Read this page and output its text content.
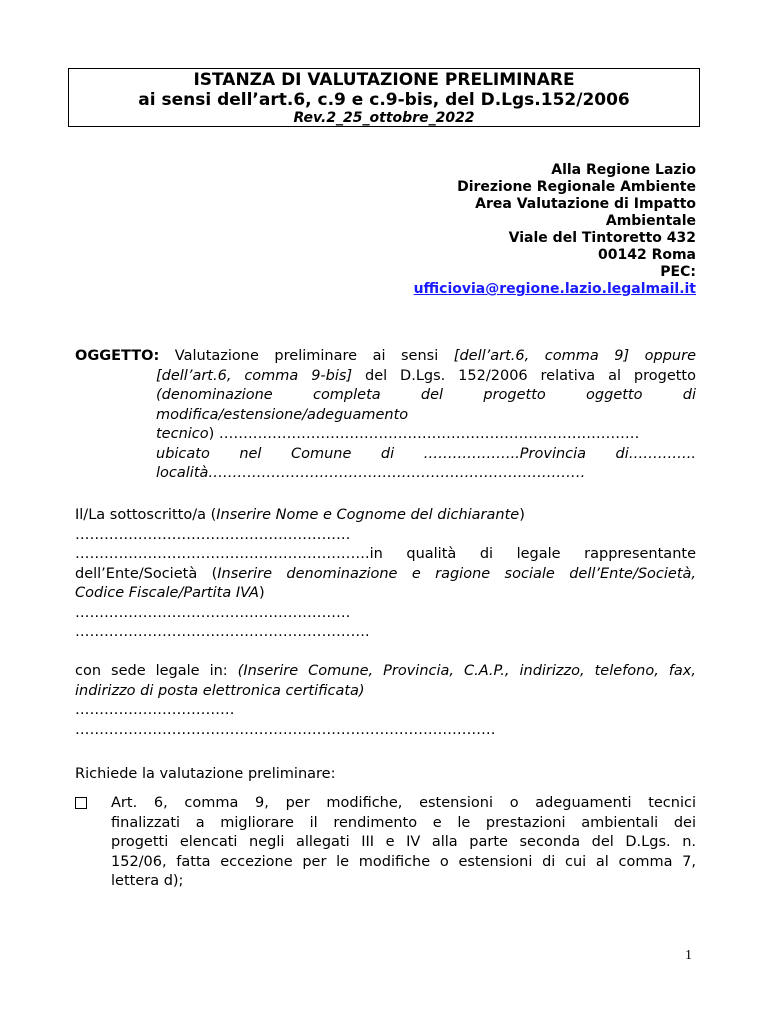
ISTANZA DI VALUTAZIONE PRELIMINARE
ai sensi dell’art.6, c.9 e c.9-bis, del D.Lgs.152/2006
Rev.2_25_ottobre_2022
Alla Regione Lazio
Direzione Regionale Ambiente
Area Valutazione di Impatto
Ambientale
Viale del Tintoretto 432
00142 Roma
PEC:
ufficiovia@regione.lazio.legalmail.it
OGGETTO: Valutazione preliminare ai sensi [dell’art.6, comma 9] oppure
[dell’art.6, comma 9-bis] del D.Lgs. 152/2006 relativa al progetto
(denominazione completa del progetto oggetto di
modifica/estensione/adeguamento
tecnico) ……………………………………………………………………………
ubicato nel Comune di ………………..Provincia di…………..
località……………………………………………………………………
Il/La sottoscritto/a (Inserire Nome e Cognome del dichiarante)
…………………………………………………
…………………………………………………….in qualità di legale rappresentante
dell’Ente/Società (Inserire denominazione e ragione sociale dell’Ente/Società,
Codice Fiscale/Partita IVA)
…………………………………………………
…………………………………………………….
con sede legale in: (Inserire Comune, Provincia, C.A.P., indirizzo, telefono, fax,
indirizzo di posta elettronica certificata)
……………………………
……………………………………………………………………………
Richiede la valutazione preliminare:
Art. 6, comma 9, per modifiche, estensioni o adeguamenti tecnici
finalizzati a migliorare il rendimento e le prestazioni ambientali dei
progetti elencati negli allegati III e IV alla parte seconda del D.Lgs. n.
152/06, fatta eccezione per le modifiche o estensioni di cui al comma 7,
lettera d);
1
